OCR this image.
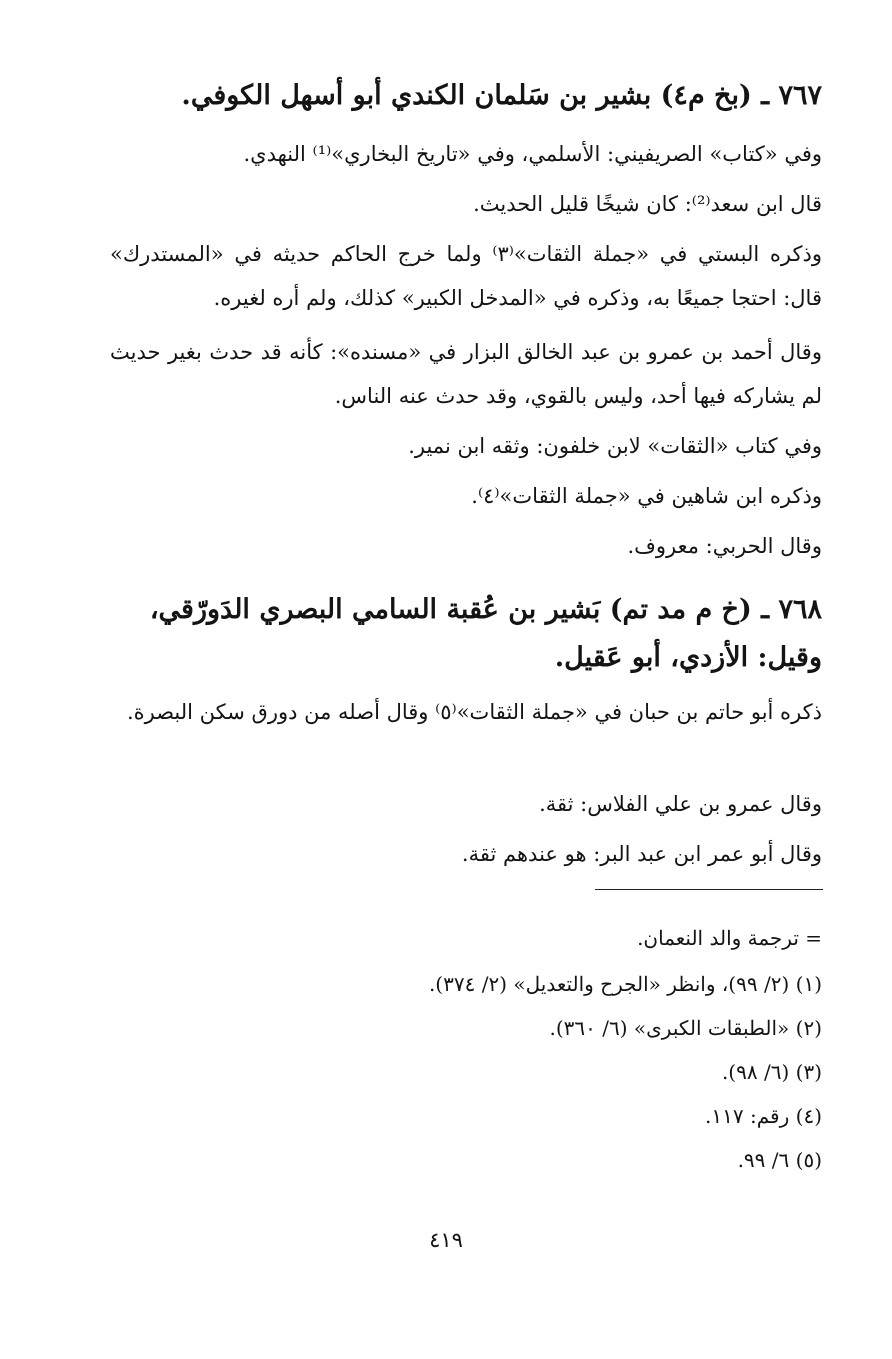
٧٦٧ ـ (بخ م٤) بشير بن سَلمان الكندي أبو أسهل الكوفي.

وفي «كتاب» الصريفيني: الأسلمي، وفي «تاريخ البخاري»⁽¹⁾ النهدي.

قال ابن سعد⁽²⁾: كان شيخًا قليل الحديث.

وذكره البستي في «جملة الثقات»⁽٣⁾ ولما خرج الحاكم حديثه في «المستدرك» قال: احتجا جميعًا به، وذكره في «المدخل الكبير» كذلك، ولم أره لغيره.

وقال أحمد بن عمرو بن عبد الخالق البزار في «مسنده»: كأنه قد حدث بغير حديث لم يشاركه فيها أحد، وليس بالقوي، وقد حدث عنه الناس.

وفي كتاب «الثقات» لابن خلفون: وثقه ابن نمير.

وذكره ابن شاهين في «جملة الثقات»⁽٤⁾.

وقال الحربي: معروف.

٧٦٨ ـ (خ م مد تم) بَشير بن عُقبة السامي البصري الدَورّقي، وقيل: الأزدي، أبو عَقيل.

ذكره أبو حاتم بن حبان في «جملة الثقات»⁽٥⁾ وقال أصله من دورق سكن البصرة.

وقال عمرو بن علي الفلاس: ثقة.

وقال أبو عمر ابن عبد البر: هو عندهم ثقة.

= ترجمة والد النعمان.

(١) (٢/ ٩٩)، وانظر «الجرح والتعديل» (٢/ ٣٧٤).

(٢) «الطبقات الكبرى» (٦/ ٣٦٠).

(٣) (٦/ ٩٨).

(٤) رقم: ١١٧.

(٥) ٦/ ٩٩.

٤١٩
